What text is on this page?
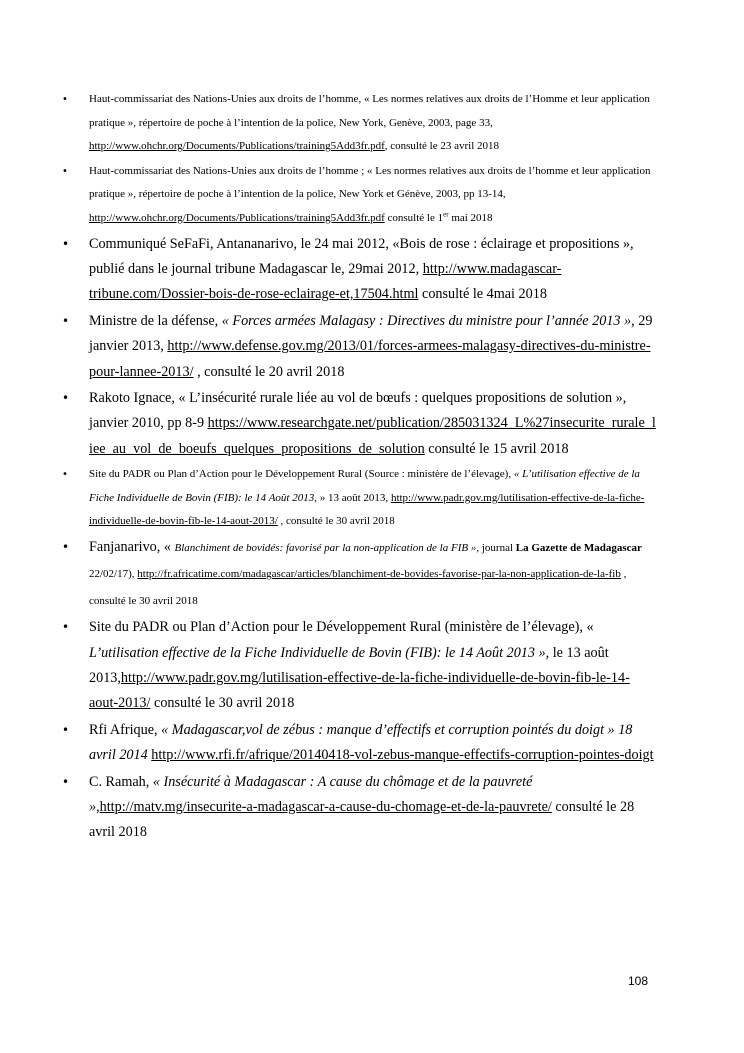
• Haut-commissariat des Nations-Unies aux droits de l’homme, « Les normes relatives aux droits de l’Homme et leur application pratique », répertoire de poche à l’intention de la police, New York, Genève, 2003, page 33, http://www.ohchr.org/Documents/Publications/training5Add3fr.pdf, consulté le 23 avril 2018
• Haut-commissariat des Nations-Unies aux droits de l’homme ; « Les normes relatives aux droits de l’homme et leur application pratique », répertoire de poche à l’intention de la police, New York et Génève, 2003, pp 13-14, http://www.ohchr.org/Documents/Publications/training5Add3fr.pdf consulté le 1er mai 2018
• Communiqué SeFaFi, Antananarivo, le 24 mai 2012, «Bois de rose : éclairage et propositions », publié dans le journal tribune Madagascar le, 29mai 2012, http://www.madagascar-tribune.com/Dossier-bois-de-rose-eclairage-et,17504.html consulté le 4mai 2018
• Ministre de la défense, « Forces armées Malagasy : Directives du ministre pour l’année 2013 », 29 janvier 2013, http://www.defense.gov.mg/2013/01/forces-armees-malagasy-directives-du-ministre-pour-lannee-2013/ , consulté le 20 avril 2018
• Rakoto Ignace, « L’insécurité rurale liée au vol de bœufs : quelques propositions de solution », janvier 2010, pp 8-9 https://www.researchgate.net/publication/285031324_L%27insecurite_rurale_liee_au_vol_de_boeufs_quelques_propositions_de_solution consulté le 15 avril 2018
• Site du PADR ou Plan d’Action pour le Développement Rural (Source : ministère de l’élevage), « L’utilisation effective de la Fiche Individuelle de Bovin (FIB): le 14 Août 2013, » 13 août 2013, http://www.padr.gov.mg/lutilisation-effective-de-la-fiche-individuelle-de-bovin-fib-le-14-aout-2013/ , consulté le 30 avril 2018
• Fanjanarivo, « Blanchiment de bovidés: favorisé par la non-application de la FIB », journal La Gazette de Madagascar 22/02/17), http://fr.africatime.com/madagascar/articles/blanchiment-de-bovides-favorise-par-la-non-application-de-la-fib , consulté le 30 avril 2018
• Site du PADR ou Plan d’Action pour le Développement Rural (ministère de l’élevage), « L’utilisation effective de la Fiche Individuelle de Bovin (FIB): le 14 Août 2013 », le 13 août 2013,http://www.padr.gov.mg/lutilisation-effective-de-la-fiche-individuelle-de-bovin-fib-le-14-aout-2013/ consulté le 30 avril 2018
• Rfi Afrique, « Madagascar,vol de zébus : manque d’effectifs et corruption pointés du doigt » 18 avril 2014 http://www.rfi.fr/afrique/20140418-vol-zebus-manque-effectifs-corruption-pointes-doigt
• C. Ramah, « Insécurité à Madagascar : A cause du chômage et de la pauvreté »,http://matv.mg/insecurite-a-madagascar-a-cause-du-chomage-et-de-la-pauvrete/ consulté le 28 avril 2018
108
